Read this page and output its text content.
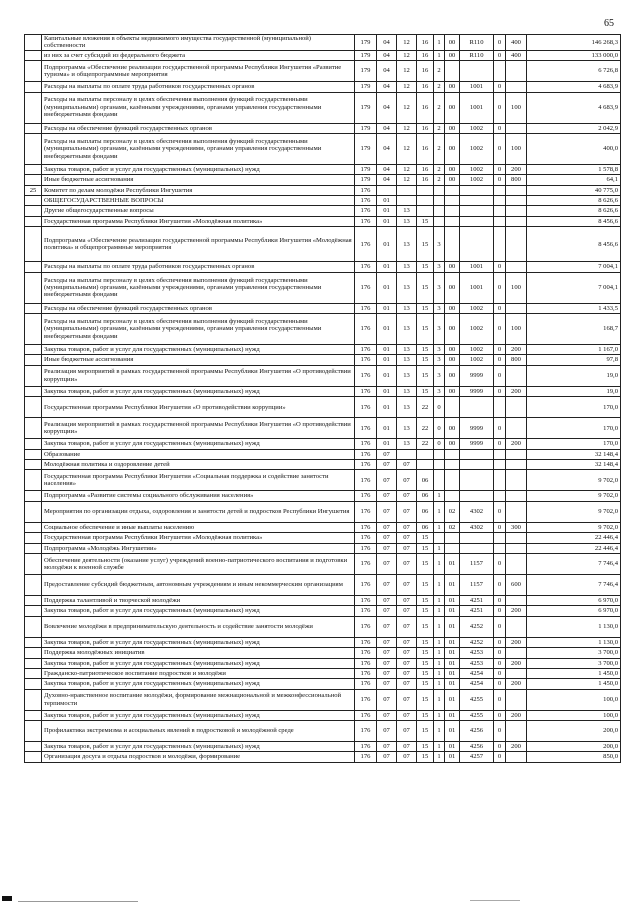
65
	Капитальные вложения в объекты недвижимого имущества государственной (муниципальной) собственности	179	04	12	16	1	00	R110	0	400	146 268,3
	из них за счет субсидий из федерального бюджета	179	04	12	16	1	00	R110	0	400	133 000,0
	Подпрограмма «Обеспечение реализации государственной программы Республики Ингушетия «Развитие туризма» и общепрограммные мероприятия	179	04	12	16	2					6 726,8
	Расходы на выплаты по оплате труда работников государственных органов	179	04	12	16	2	00	1001	0		4 683,9
	Расходы на выплаты персоналу в целях обеспечения выполнения функций государственными (муниципальными) органами, казёнными учреждениями, органами управления государственными внебюджетными фондами	179	04	12	16	2	00	1001	0	100	4 683,9
	Расходы на обеспечение функций государственных органов	179	04	12	16	2	00	1002	0		2 042,9
	Расходы на выплаты персоналу в целях обеспечения выполнения функций государственными (муниципальными) органами, казёнными учреждениями, органами управления государственными внебюджетными фондами	179	04	12	16	2	00	1002	0	100	400,0
	Закупка товаров, работ и услуг для государственных (муниципальных) нужд	179	04	12	16	2	00	1002	0	200	1 578,8
	Иные бюджетные ассигнования	179	04	12	16	2	00	1002	0	800	64,1
25	Комитет по делам молодёжи Республики Ингушетия	176									40 775,0
	ОБЩЕГОСУДАРСТВЕННЫЕ ВОПРОСЫ	176	01								8 626,6
	Другие общегосударственные вопросы	176	01	13							8 626,6
	Государственная программа Республики Ингушетия «Молодёжная политика»	176	01	13	15						8 456,6
	Подпрограмма «Обеспечение реализации государственной программы Республики Ингушетия «Молодёжная политика» и общепрограммные мероприятия	176	01	13	15	3					8 456,6
	Расходы на выплаты по оплате труда работников государственных органов	176	01	13	15	3	00	1001	0		7 004,1
	Расходы на выплаты персоналу в целях обеспечения выполнения функций государственными (муниципальными) органами, казёнными учреждениями, органами управления государственными внебюджетными фондами	176	01	13	15	3	00	1001	0	100	7 004,1
	Расходы на обеспечение функций государственных органов	176	01	13	15	3	00	1002	0		1 433,5
	Расходы на выплаты персоналу в целях обеспечения выполнения функций государственными (муниципальными) органами, казёнными учреждениями, органами управления государственными внебюджетными фондами	176	01	13	15	3	00	1002	0	100	168,7
	Закупка товаров, работ и услуг для государственных (муниципальных) нужд	176	01	13	15	3	00	1002	0	200	1 167,0
	Иные бюджетные ассигнования	176	01	13	15	3	00	1002	0	800	97,8
	Реализация мероприятий в рамках государственной программы Республики Ингушетия «О противодействии коррупции»	176	01	13	15	3	00	9999	0		19,0
	Закупка товаров, работ и услуг для государственных (муниципальных) нужд	176	01	13	15	3	00	9999	0	200	19,0
	Государственная программа Республики Ингушетия «О противодействии коррупции»	176	01	13	22	0					170,0
	Реализация мероприятий в рамках государственной программы Республики Ингушетия «О противодействии коррупции»	176	01	13	22	0	00	9999	0		170,0
	Закупка товаров, работ и услуг для государственных (муниципальных) нужд	176	01	13	22	0	00	9999	0	200	170,0
	Образование	176	07								32 148,4
	Молодёжная политика и оздоровление детей	176	07	07							32 148,4
	Государственная программа Республики Ингушетия «Социальная поддержка и содействие занятости населения»	176	07	07	06						9 702,0
	Подпрограмма «Развитие системы социального обслуживания населения»	176	07	07	06	1					9 702,0
	Мероприятия по организации отдыха, оздоровления и занятости детей и подростков Республики Ингушетия	176	07	07	06	1	02	4302	0		9 702,0
	Социальное обеспечение и иные выплаты населению	176	07	07	06	1	02	4302	0	300	9 702,0
	Государственная программа Республики Ингушетия «Молодёжная политика»	176	07	07	15						22 446,4
	Подпрограмма «Молодёжь Ингушетии»	176	07	07	15	1					22 446,4
	Обеспечение деятельности (оказание услуг) учреждений военно-патриотического воспитания и подготовки молодёжи к военной службе	176	07	07	15	1	01	1157	0		7 746,4
	Предоставление субсидий бюджетным, автономным учреждениям и иным некоммерческим организациям	176	07	07	15	1	01	1157	0	600	7 746,4
	Поддержка талантливой и творческой молодёжи	176	07	07	15	1	01	4251	0		6 970,0
	Закупка товаров, работ и услуг для государственных (муниципальных) нужд	176	07	07	15	1	01	4251	0	200	6 970,0
	Вовлечение молодёжи в предпринимательскую деятельность и содействие занятости молодёжи	176	07	07	15	1	01	4252	0		1 130,0
	Закупка товаров, работ и услуг для государственных (муниципальных) нужд	176	07	07	15	1	01	4252	0	200	1 130,0
	Поддержка молодёжных инициатив	176	07	07	15	1	01	4253	0		3 700,0
	Закупка товаров, работ и услуг для государственных (муниципальных) нужд	176	07	07	15	1	01	4253	0	200	3 700,0
	Гражданско-патриотическое воспитание подростков и молодёжи	176	07	07	15	1	01	4254	0		1 450,0
	Закупка товаров, работ и услуг для государственных (муниципальных) нужд	176	07	07	15	1	01	4254	0	200	1 450,0
	Духовно-нравственное воспитание молодёжи, формирование межнациональной и межконфессиональной терпимости	176	07	07	15	1	01	4255	0		100,0
	Закупка товаров, работ и услуг для государственных (муниципальных) нужд	176	07	07	15	1	01	4255	0	200	100,0
	Профилактика экстремизма и асоциальных явлений в подростковой и молодёжной среде	176	07	07	15	1	01	4256	0		200,0
	Закупка товаров, работ и услуг для государственных (муниципальных) нужд	176	07	07	15	1	01	4256	0	200	200,0
	Организация досуга и отдыха подростков и молодёжи, формирование	176	07	07	15	1	01	4257	0		850,0
